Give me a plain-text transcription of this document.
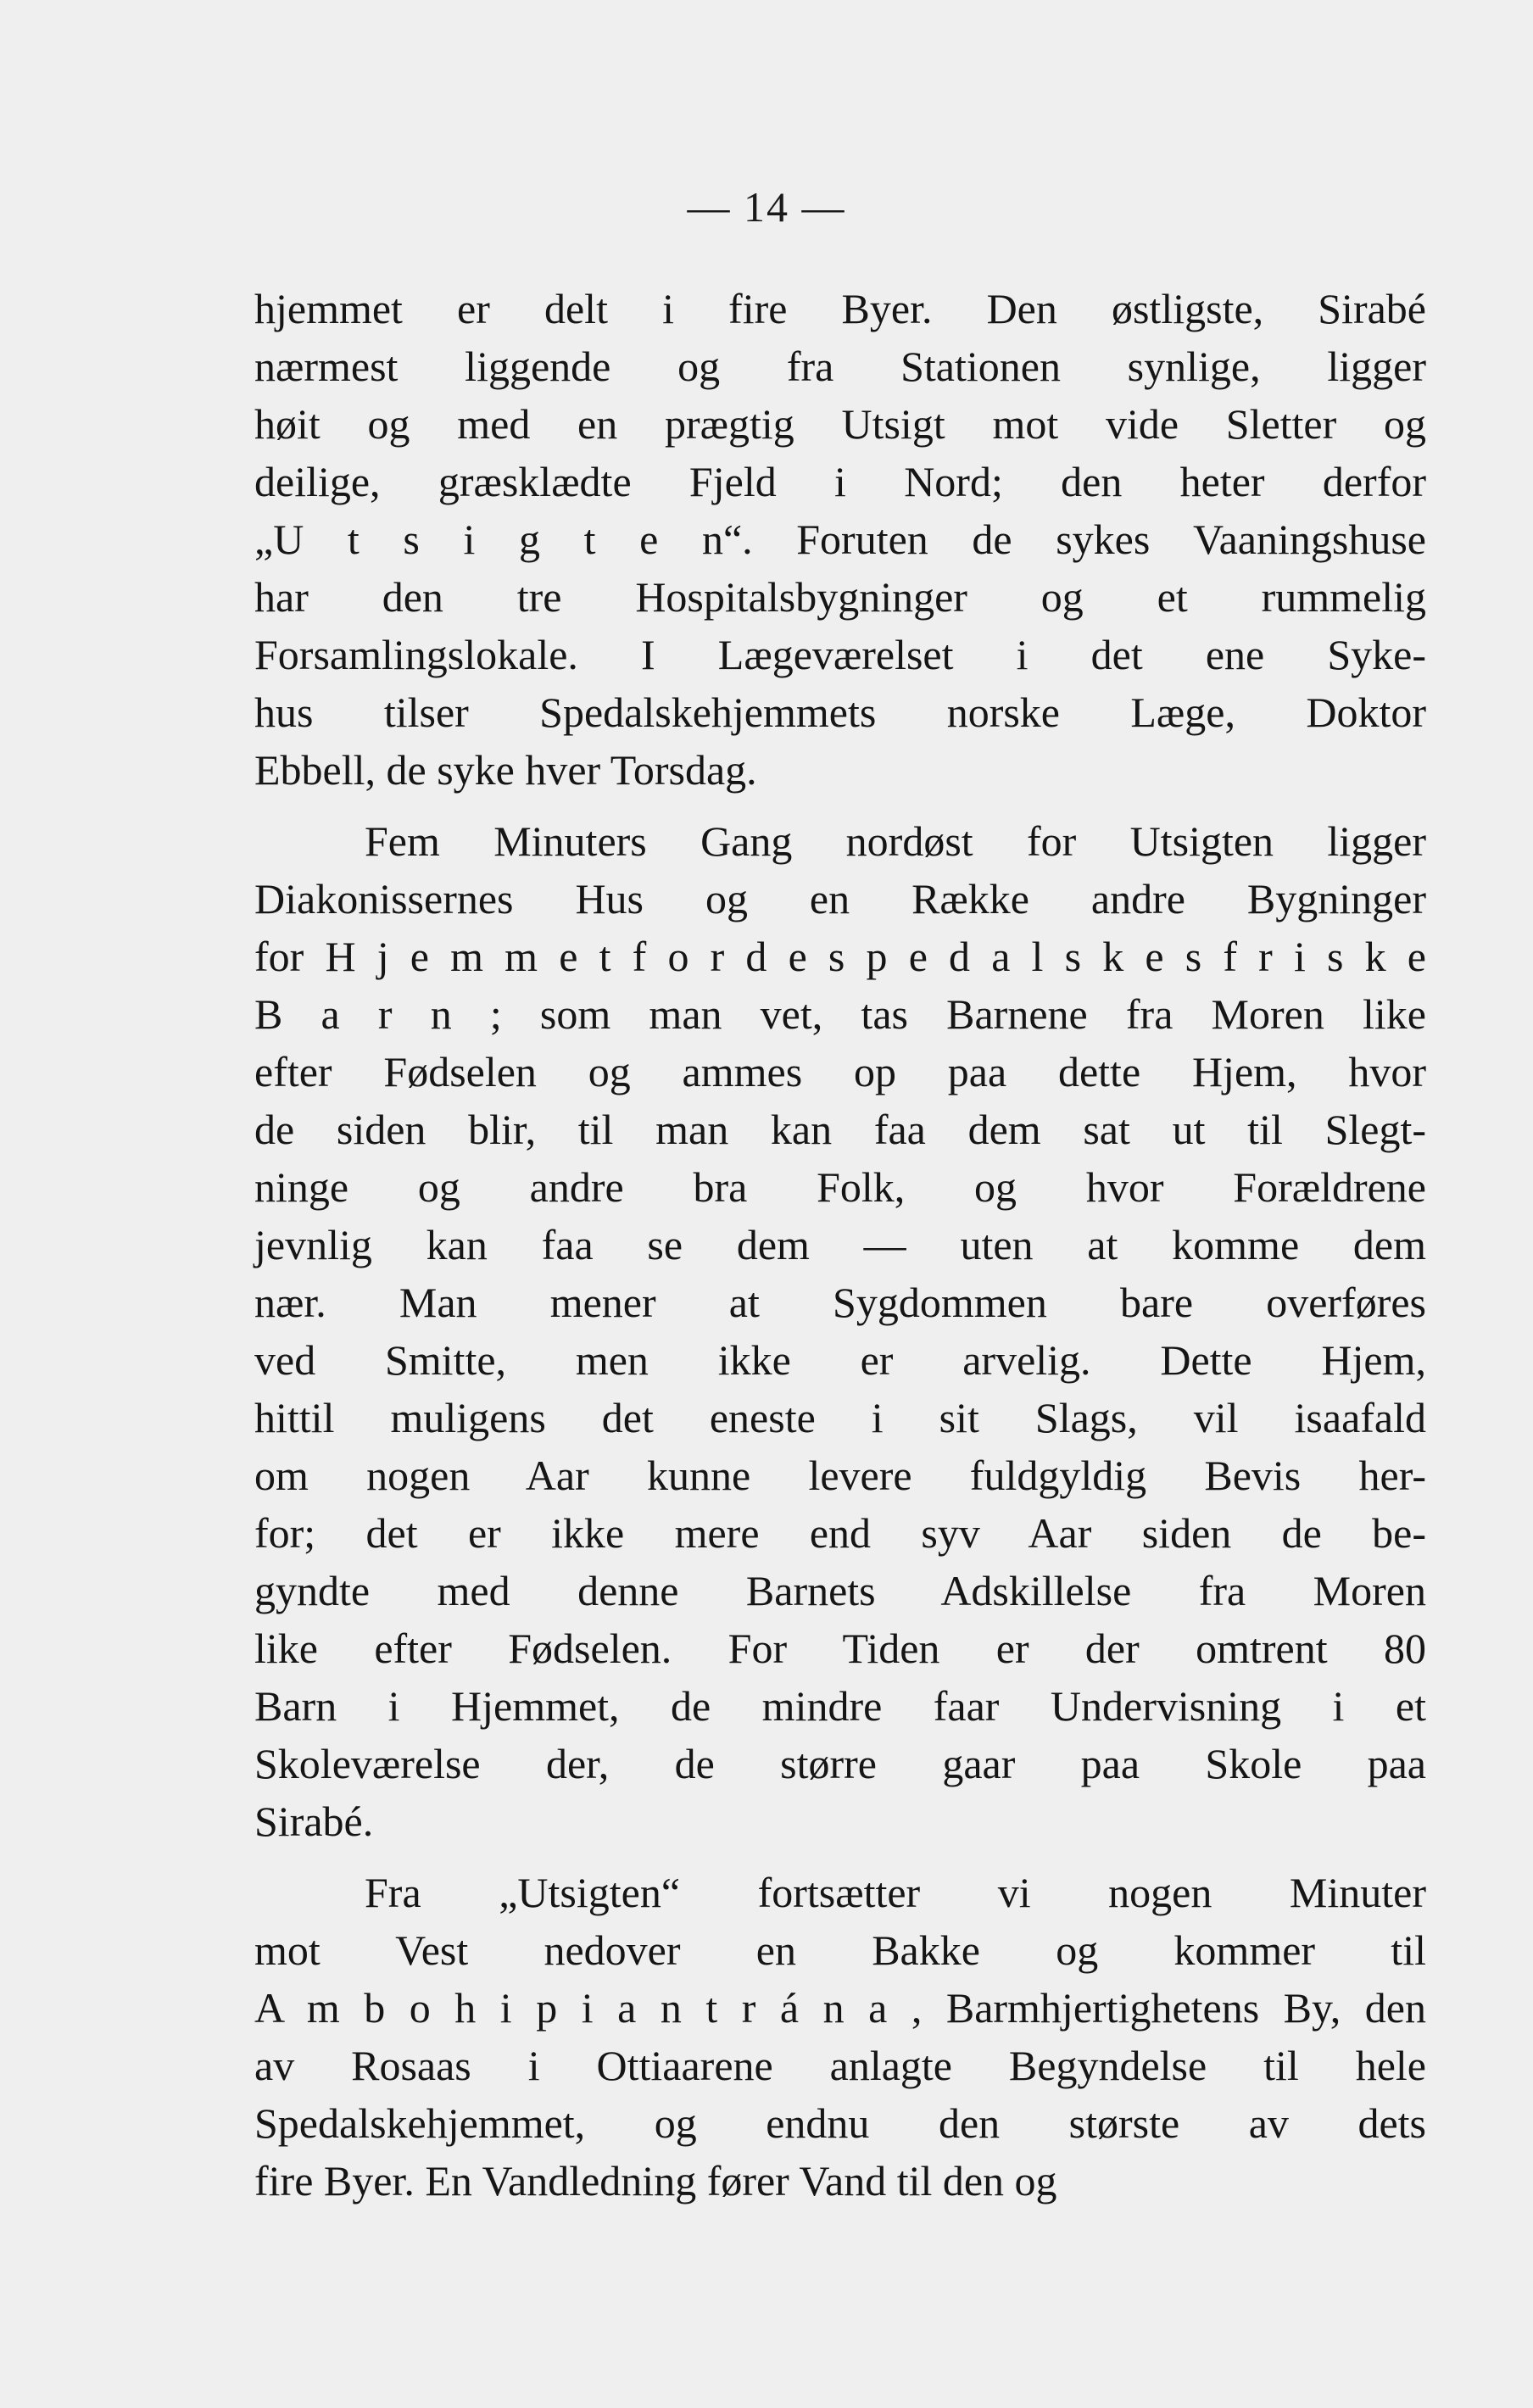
— 14 —
hjemmet er delt i fire Byer. Den østligste, Sirabé
nærmest liggende og fra Stationen synlige, ligger
høit og med en prægtig Utsigt mot vide Sletter og
deilige, græsklædte Fjeld i Nord; den heter derfor
„U t s i g t e n“. Foruten de sykes Vaaningshuse
har den tre Hospitalsbygninger og et rummelig
Forsamlingslokale. I Lægeværelset i det ene Syke-
hus tilser Spedalskehjemmets norske Læge, Doktor
Ebbell, de syke hver Torsdag.
Fem Minuters Gang nordøst for Utsigten ligger
Diakonissernes Hus og en Række andre Bygninger
for H j e m m e t f o r d e s p e d a l s k e s f r i s k e
B a r n ; som man vet, tas Barnene fra Moren like
efter Fødselen og ammes op paa dette Hjem, hvor
de siden blir, til man kan faa dem sat ut til Slegt-
ninge og andre bra Folk, og hvor Forældrene
jevnlig kan faa se dem — uten at komme dem
nær. Man mener at Sygdommen bare overføres
ved Smitte, men ikke er arvelig. Dette Hjem,
hittil muligens det eneste i sit Slags, vil isaafald
om nogen Aar kunne levere fuldgyldig Bevis her-
for; det er ikke mere end syv Aar siden de be-
gyndte med denne Barnets Adskillelse fra Moren
like efter Fødselen. For Tiden er der omtrent 80
Barn i Hjemmet, de mindre faar Undervisning i et
Skoleværelse der, de større gaar paa Skole paa
Sirabé.
Fra „Utsigten“ fortsætter vi nogen Minuter
mot Vest nedover en Bakke og kommer til
A m b o h i p i a n t r á n a , Barmhjertighetens By, den
av Rosaas i Ottiaarene anlagte Begyndelse til hele
Spedalskehjemmet, og endnu den største av dets
fire Byer. En Vandledning fører Vand til den og
